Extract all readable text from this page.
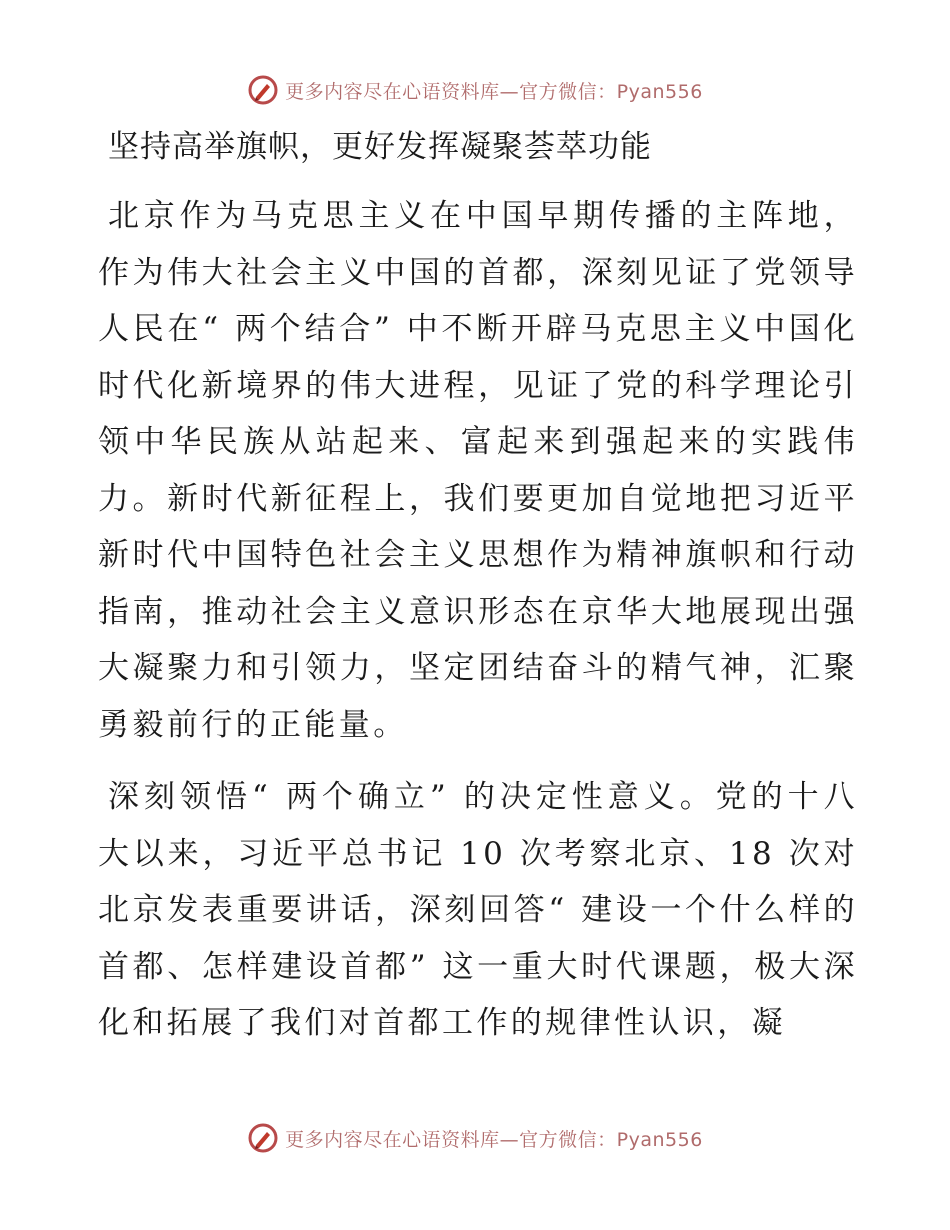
更多内容尽在心语资料库—官方微信：Pyan556
坚持高举旗帜，更好发挥凝聚荟萃功能

北京作为马克思主义在中国早期传播的主阵地，作为伟大社会主义中国的首都，深刻见证了党领导人民在“ 两个结合” 中不断开辟马克思主义中国化时代化新境界的伟大进程，见证了党的科学理论引领中华民族从站起来、富起来到强起来的实践伟力。新时代新征程上，我们要更加自觉地把习近平新时代中国特色社会主义思想作为精神旗帜和行动指南，推动社会主义意识形态在京华大地展现出强大凝聚力和引领力，坚定团结奋斗的精气神，汇聚勇毅前行的正能量。

深刻领悟“ 两个确立” 的决定性意义。党的十八大以来，习近平总书记 10 次考察北京、18 次对北京发表重要讲话，深刻回答“ 建设一个什么样的首都、怎样建设首都” 这一重大时代课题，极大深化和拓展了我们对首都工作的规律性认识，凝

更多内容尽在心语资料库—官方微信：Pyan556
